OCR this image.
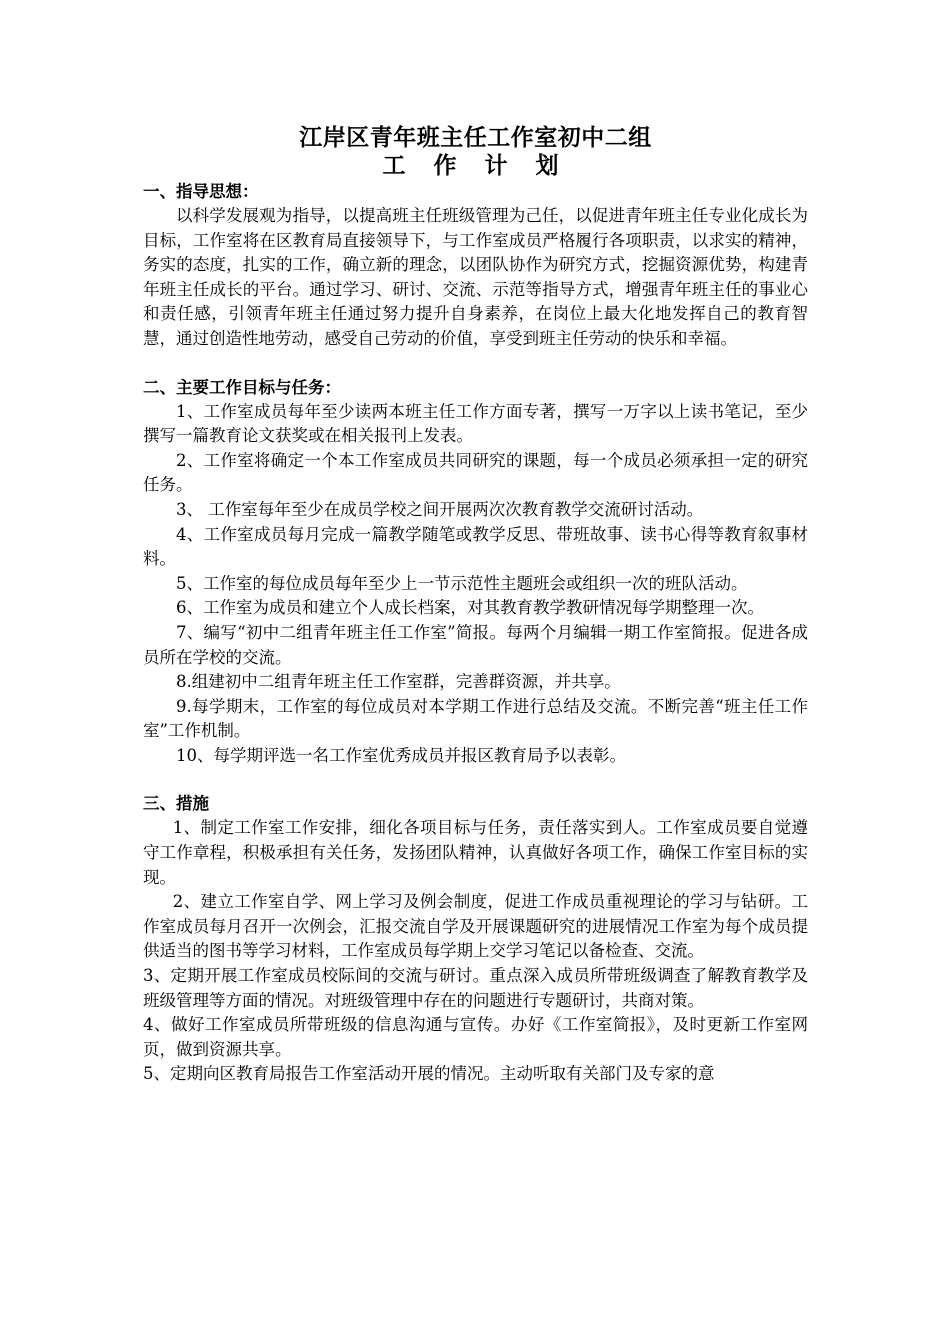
江岸区青年班主任工作室初中二组
工 作 计 划
一、指导思想：
以科学发展观为指导，以提高班主任班级管理为己任，以促进青年班主任专业化成长为目标，工作室将在区教育局直接领导下，与工作室成员严格履行各项职责，以求实的精神，务实的态度，扎实的工作，确立新的理念，以团队协作为研究方式，挖掘资源优势，构建青年班主任成长的平台。通过学习、研讨、交流、示范等指导方式，增强青年班主任的事业心和责任感，引领青年班主任通过努力提升自身素养，在岗位上最大化地发挥自己的教育智慧，通过创造性地劳动，感受自己劳动的价值，享受到班主任劳动的快乐和幸福。
二、主要工作目标与任务：
1、工作室成员每年至少读两本班主任工作方面专著，撰写一万字以上读书笔记，至少撰写一篇教育论文获奖或在相关报刊上发表。
2、工作室将确定一个本工作室成员共同研究的课题，每一个成员必须承担一定的研究任务。
3、 工作室每年至少在成员学校之间开展两次次教育教学交流研讨活动。
4、工作室成员每月完成一篇教学随笔或教学反思、带班故事、读书心得等教育叙事材料。
5、工作室的每位成员每年至少上一节示范性主题班会或组织一次的班队活动。
6、工作室为成员和建立个人成长档案，对其教育教学教研情况每学期整理一次。
7、编写“初中二组青年班主任工作室”简报。每两个月编辑一期工作室简报。促进各成员所在学校的交流。
8.组建初中二组青年班主任工作室群，完善群资源，并共享。
9.每学期末，工作室的每位成员对本学期工作进行总结及交流。不断完善“班主任工作室”工作机制。
10、每学期评选一名工作室优秀成员并报区教育局予以表彰。
三、措施
1、制定工作室工作安排，细化各项目标与任务，责任落实到人。工作室成员要自觉遵守工作章程，积极承担有关任务，发扬团队精神，认真做好各项工作，确保工作室目标的实现。
2、建立工作室自学、网上学习及例会制度，促进工作成员重视理论的学习与钻研。工作室成员每月召开一次例会，汇报交流自学及开展课题研究的进展情况工作室为每个成员提供适当的图书等学习材料，工作室成员每学期上交学习笔记以备检查、交流。
3、定期开展工作室成员校际间的交流与研讨。重点深入成员所带班级调查了解教育教学及班级管理等方面的情况。对班级管理中存在的问题进行专题研讨，共商对策。
4、做好工作室成员所带班级的信息沟通与宣传。办好《工作室简报》，及时更新工作室网页，做到资源共享。
5、定期向区教育局报告工作室活动开展的情况。主动听取有关部门及专家的意
